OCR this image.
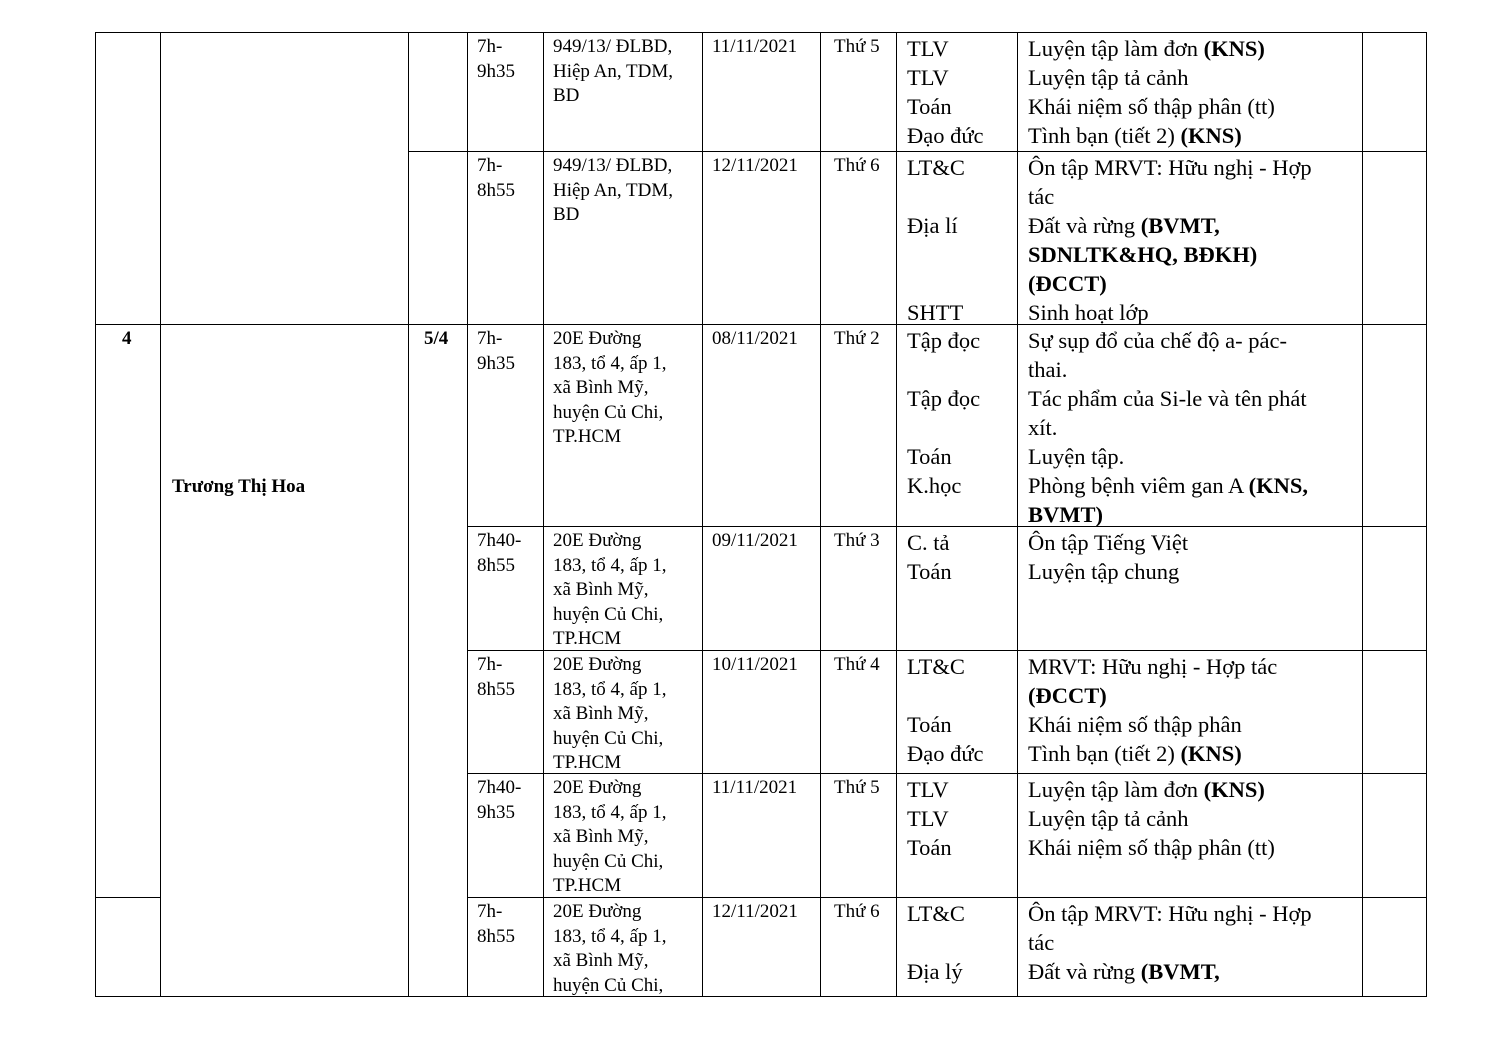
4
Trương Thị Hoa
5/4
7h-
9h35
949/13/ ĐLBD,
Hiệp An, TDM,
BD
11/11/2021 Thứ 5 TLV
TLV
Toán
Đạo đức
Luyện tập làm đơn (KNS)
Luyện tập tả cảnh
Khái niệm số thập phân (tt)
Tình bạn (tiết 2) (KNS)
7h-
8h55
949/13/ ĐLBD,
Hiệp An, TDM,
BD
12/11/2021 Thứ 6 LT&C
Địa lí
SHTT
Ôn tập MRVT: Hữu nghị - Hợp
tác
Đất và rừng (BVMT,
SDNLTK&HQ, BĐKH)
(ĐCCT)
Sinh hoạt lớp
7h-
9h35
20E Đường
183, tổ 4, ấp 1,
xã Bình Mỹ,
huyện Củ Chi,
TP.HCM
08/11/2021 Thứ 2 Tập đọc
Tập đọc
Toán
K.học
Sự sụp đổ của chế độ a- pác-
thai.
Tác phẩm của Si-le và tên phát
xít.
Luyện tập.
Phòng bệnh viêm gan A (KNS,
BVMT)
7h40-
8h55
20E Đường
183, tổ 4, ấp 1,
xã Bình Mỹ,
huyện Củ Chi,
TP.HCM
09/11/2021 Thứ 3 C. tả
Toán
Ôn tập Tiếng Việt
Luyện tập chung
7h-
8h55
20E Đường
183, tổ 4, ấp 1,
xã Bình Mỹ,
huyện Củ Chi,
TP.HCM
10/11/2021 Thứ 4 LT&C
Toán
Đạo đức
MRVT: Hữu nghị - Hợp tác
(ĐCCT)
Khái niệm số thập phân
Tình bạn (tiết 2) (KNS)
7h40-
9h35
20E Đường
183, tổ 4, ấp 1,
xã Bình Mỹ,
huyện Củ Chi,
TP.HCM
11/11/2021 Thứ 5 TLV
TLV
Toán
Luyện tập làm đơn (KNS)
Luyện tập tả cảnh
Khái niệm số thập phân (tt)
7h-
8h55
20E Đường
183, tổ 4, ấp 1,
xã Bình Mỹ,
huyện Củ Chi,
12/11/2021 Thứ 6 LT&C
Địa lý
Ôn tập MRVT: Hữu nghị - Hợp
tác
Đất và rừng (BVMT,
